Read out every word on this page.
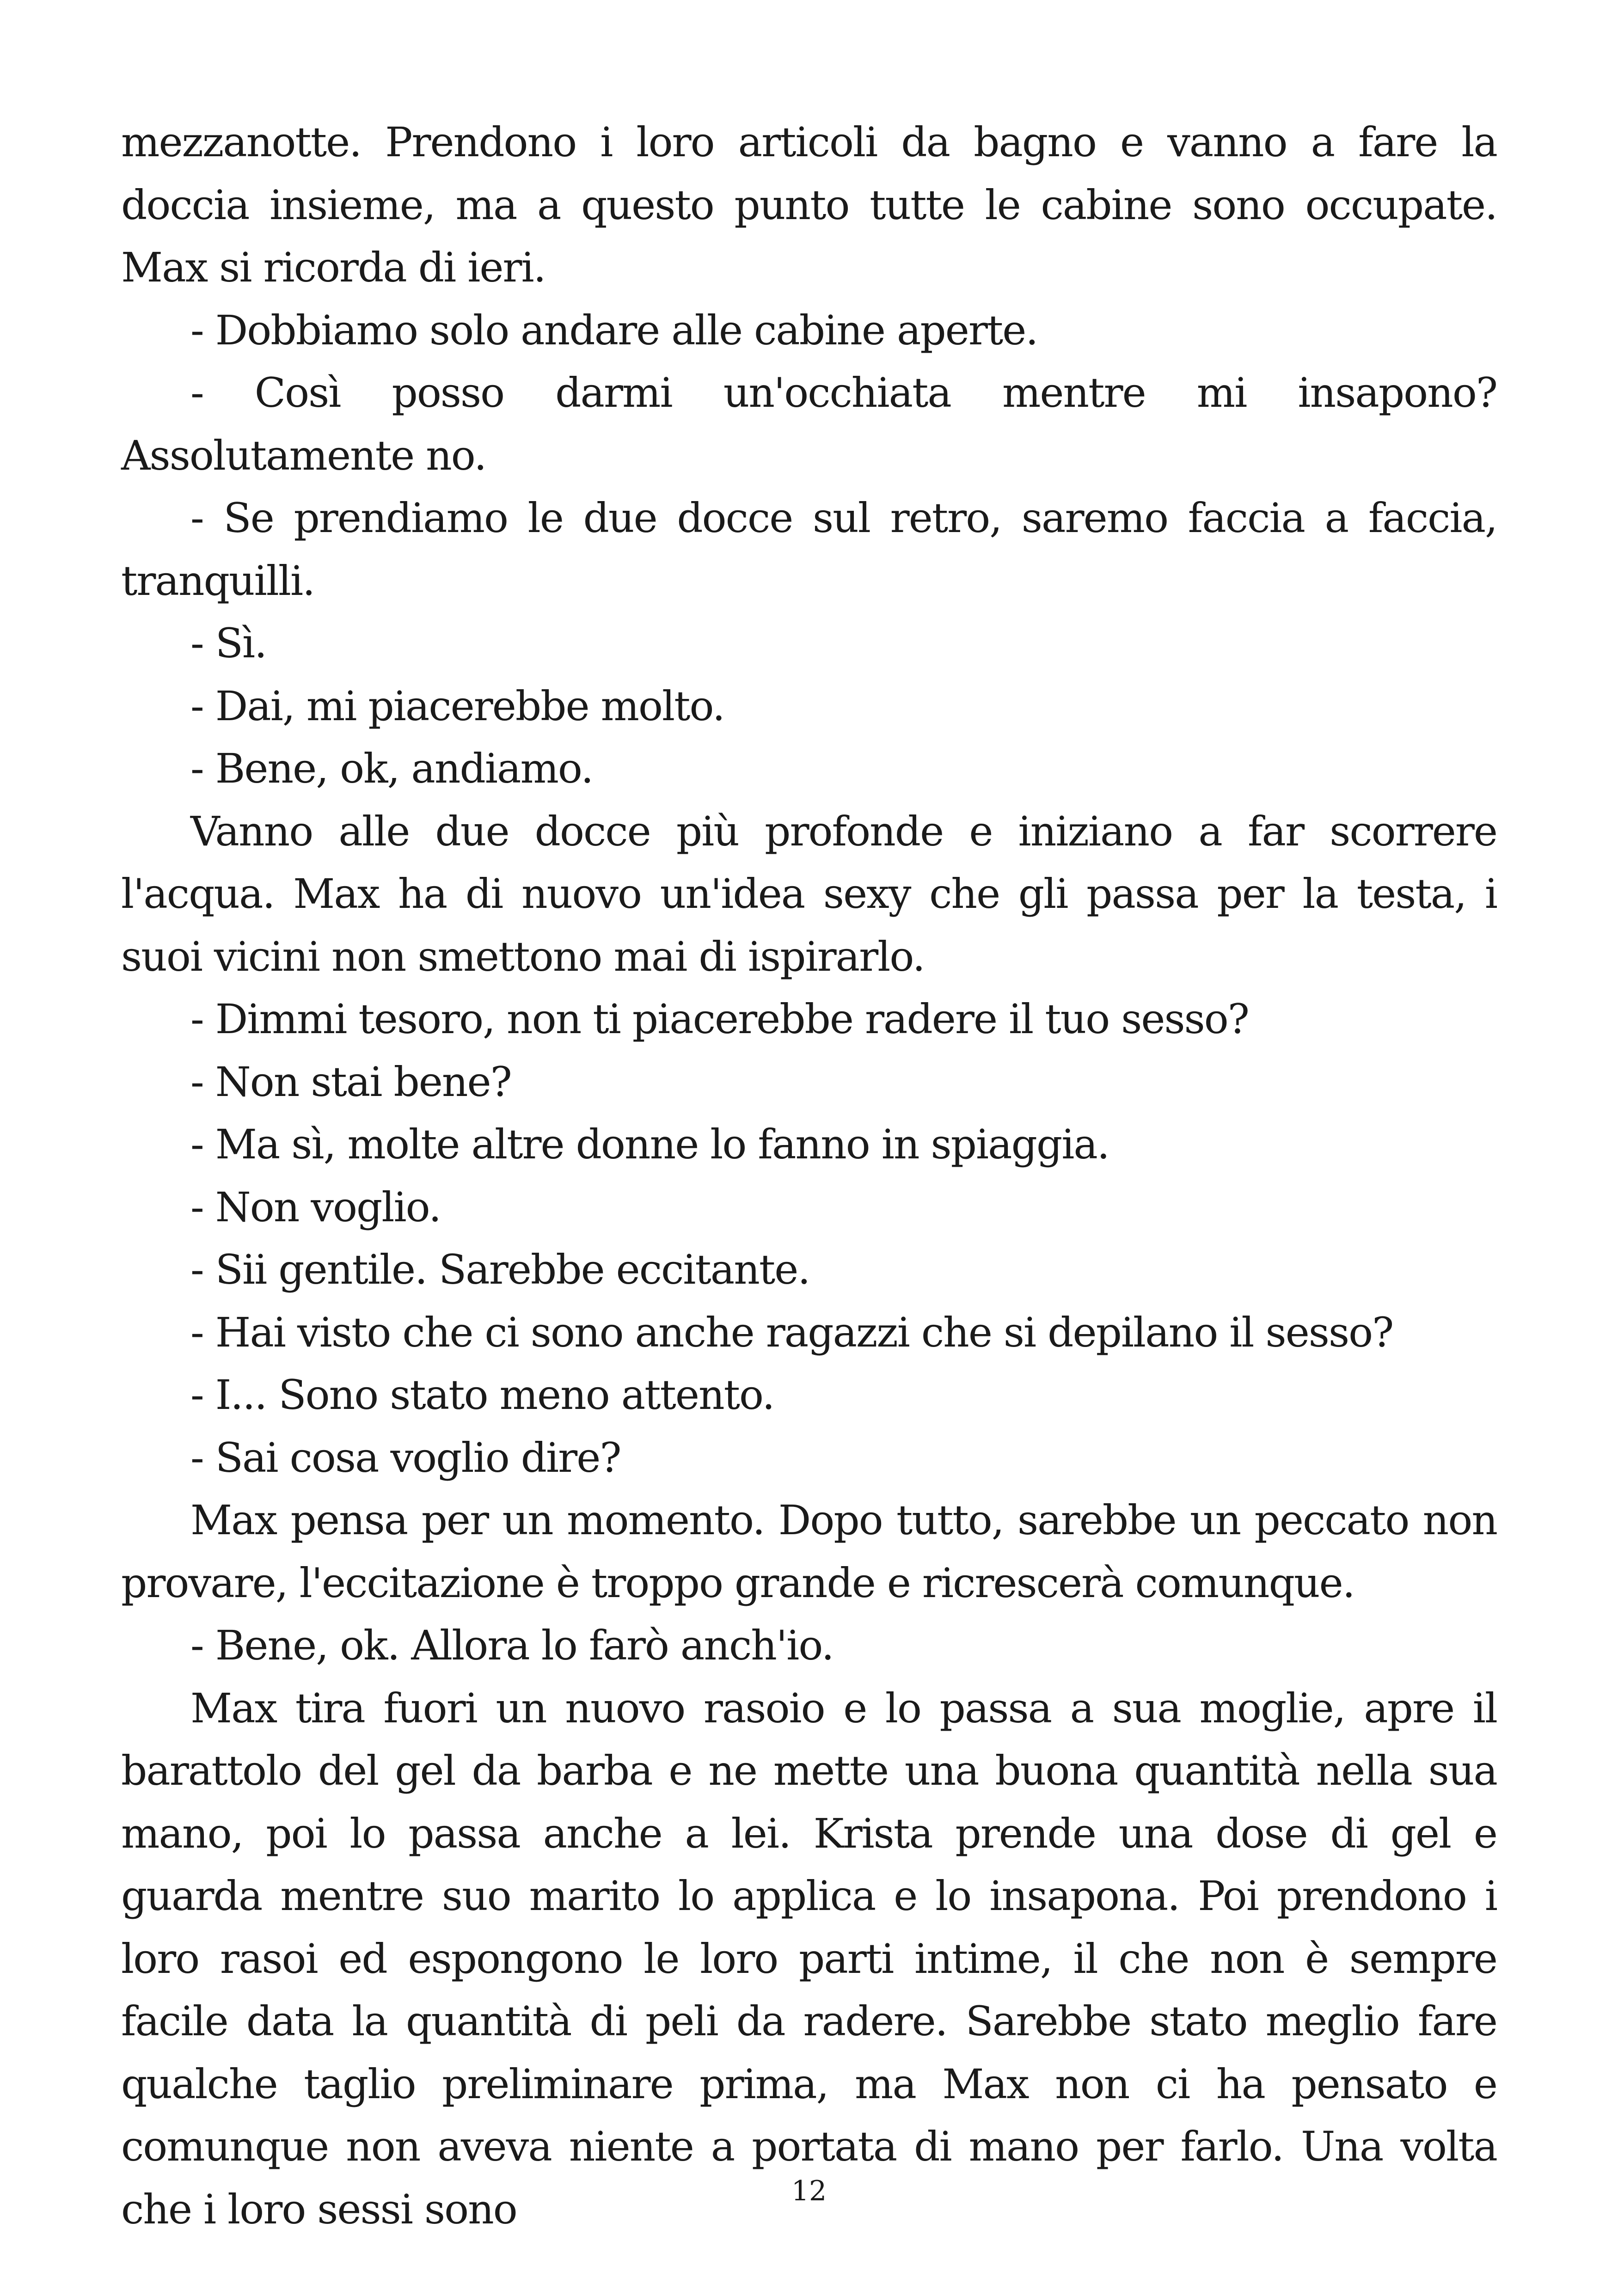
mezzanotte. Prendono i loro articoli da bagno e vanno a fare la doccia insieme, ma a questo punto tutte le cabine sono occupate. Max si ricorda di ieri.

- Dobbiamo solo andare alle cabine aperte.

- Così posso darmi un'occhiata mentre mi insapono? Assolutamente no.

- Se prendiamo le due docce sul retro, saremo faccia a faccia, tranquilli.

- Sì.

- Dai, mi piacerebbe molto.

- Bene, ok, andiamo.

Vanno alle due docce più profonde e iniziano a far scorrere l'acqua. Max ha di nuovo un'idea sexy che gli passa per la testa, i suoi vicini non smettono mai di ispirarlo.

- Dimmi tesoro, non ti piacerebbe radere il tuo sesso?

- Non stai bene?

- Ma sì, molte altre donne lo fanno in spiaggia.

- Non voglio.

- Sii gentile. Sarebbe eccitante.

- Hai visto che ci sono anche ragazzi che si depilano il sesso?

- I... Sono stato meno attento.

- Sai cosa voglio dire?

Max pensa per un momento. Dopo tutto, sarebbe un peccato non provare, l'eccitazione è troppo grande e ricrescerà comunque.

- Bene, ok. Allora lo farò anch'io.

Max tira fuori un nuovo rasoio e lo passa a sua moglie, apre il barattolo del gel da barba e ne mette una buona quantità nella sua mano, poi lo passa anche a lei. Krista prende una dose di gel e guarda mentre suo marito lo applica e lo insapona. Poi prendono i loro rasoi ed espongono le loro parti intime, il che non è sempre facile data la quantità di peli da radere. Sarebbe stato meglio fare qualche taglio preliminare prima, ma Max non ci ha pensato e comunque non aveva niente a portata di mano per farlo. Una volta che i loro sessi sono	12
